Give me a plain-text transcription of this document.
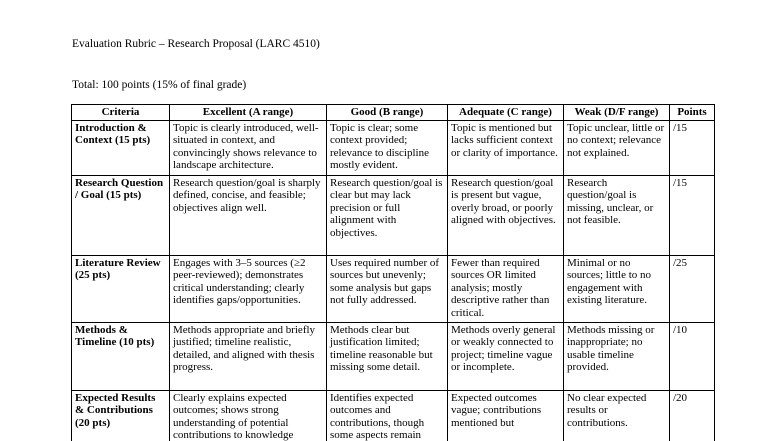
Evaluation Rubric – Research Proposal (LARC 4510)
Total: 100 points (15% of final grade)
Criteria	Excellent (A range)	Good (B range)	Adequate (C range)	Weak (D/F range)	Points
Introduction & Context (15 pts)	Topic is clearly introduced, well-situated in context, and convincingly shows relevance to landscape architecture.	Topic is clear; some context provided; relevance to discipline mostly evident.	Topic is mentioned but lacks sufficient context or clarity of importance.	Topic unclear, little or no context; relevance not explained.	/15
Research Question / Goal (15 pts)	Research question/goal is sharply defined, concise, and feasible; objectives align well.	Research question/goal is clear but may lack precision or full alignment with objectives.	Research question/goal is present but vague, overly broad, or poorly aligned with objectives.	Research question/goal is missing, unclear, or not feasible.	/15
Literature Review (25 pts)	Engages with 3–5 sources (≥2 peer-reviewed); demonstrates critical understanding; clearly identifies gaps/opportunities.	Uses required number of sources but unevenly; some analysis but gaps not fully addressed.	Fewer than required sources OR limited analysis; mostly descriptive rather than critical.	Minimal or no sources; little to no engagement with existing literature.	/25
Methods & Timeline (10 pts)	Methods appropriate and briefly justified; timeline realistic, detailed, and aligned with thesis progress.	Methods clear but justification limited; timeline reasonable but missing some detail.	Methods overly general or weakly connected to project; timeline vague or incomplete.	Methods missing or inappropriate; no usable timeline provided.	/10
Expected Results & Contributions (20 pts)	Clearly explains expected outcomes; shows strong understanding of potential contributions to knowledge	Identifies expected outcomes and contributions, though some aspects remain	Expected outcomes vague; contributions mentioned but	No clear expected results or contributions.	/20
